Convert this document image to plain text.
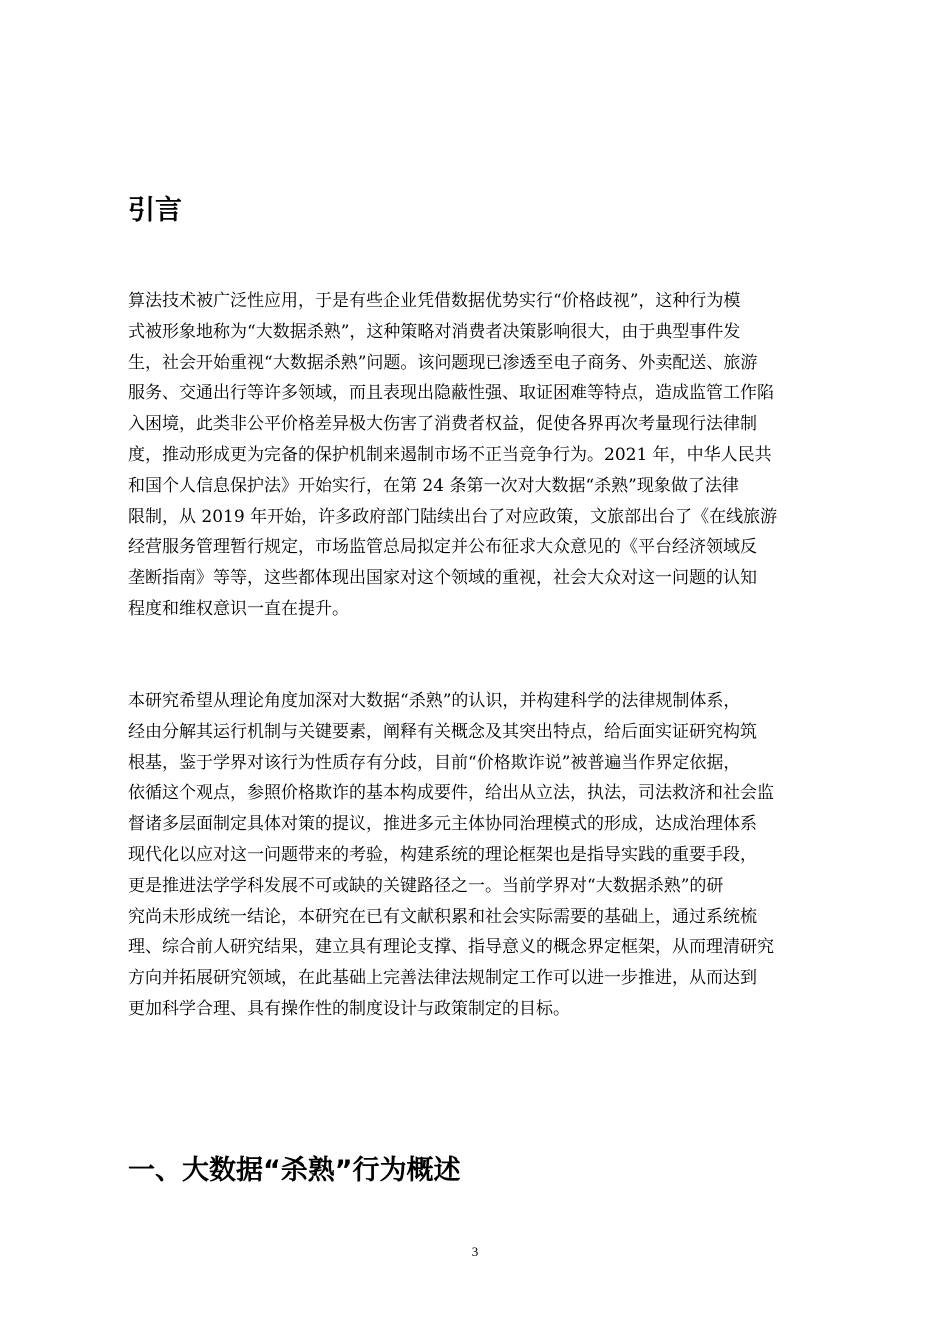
引言

算法技术被广泛性应用，于是有些企业凭借数据优势实行“价格歧视”，这种行为模
式被形象地称为“大数据杀熟”，这种策略对消费者决策影响很大，由于典型事件发
生，社会开始重视“大数据杀熟”问题。该问题现已渗透至电子商务、外卖配送、旅游
服务、交通出行等许多领域，而且表现出隐蔽性强、取证困难等特点，造成监管工作陷
入困境，此类非公平价格差异极大伤害了消费者权益，促使各界再次考量现行法律制
度，推动形成更为完备的保护机制来遏制市场不正当竞争行为。2021 年，中华人民共
和国个人信息保护法》开始实行，在第 24 条第一次对大数据“杀熟”现象做了法律
限制，从 2019 年开始，许多政府部门陆续出台了对应政策，文旅部出台了《在线旅游
经营服务管理暂行规定，市场监管总局拟定并公布征求大众意见的《平台经济领域反
垄断指南》等等，这些都体现出国家对这个领域的重视，社会大众对这一问题的认知
程度和维权意识一直在提升。

本研究希望从理论角度加深对大数据“杀熟”的认识，并构建科学的法律规制体系，
经由分解其运行机制与关键要素，阐释有关概念及其突出特点，给后面实证研究构筑
根基，鉴于学界对该行为性质存有分歧，目前“价格欺诈说”被普遍当作界定依据，
依循这个观点，参照价格欺诈的基本构成要件，给出从立法，执法，司法救济和社会监
督诸多层面制定具体对策的提议，推进多元主体协同治理模式的形成，达成治理体系
现代化以应对这一问题带来的考验，构建系统的理论框架也是指导实践的重要手段，
更是推进法学学科发展不可或缺的关键路径之一。当前学界对“大数据杀熟”的研
究尚未形成统一结论，本研究在已有文献积累和社会实际需要的基础上，通过系统梳
理、综合前人研究结果，建立具有理论支撑、指导意义的概念界定框架，从而理清研究
方向并拓展研究领域，在此基础上完善法律法规制定工作可以进一步推进，从而达到
更加科学合理、具有操作性的制度设计与政策制定的目标。

一、大数据“杀熟”行为概述
3
